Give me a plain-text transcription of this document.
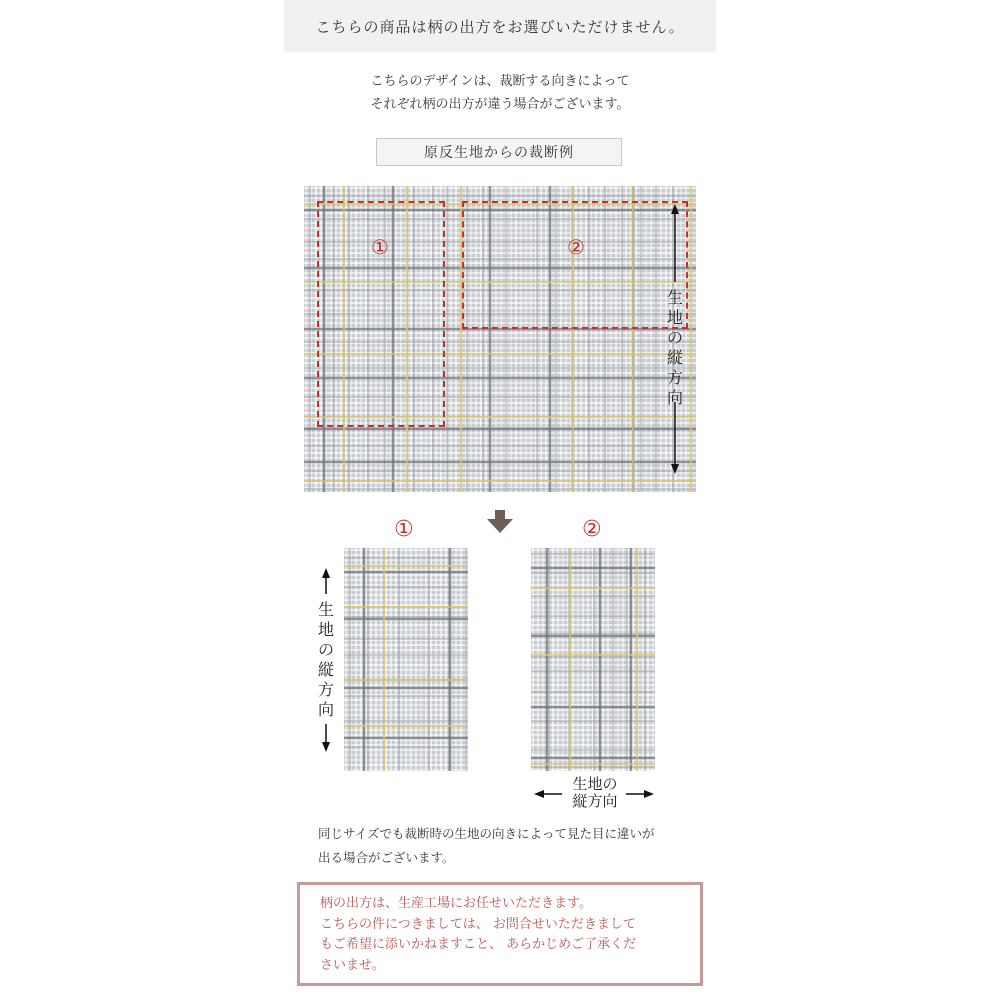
こちらの商品は柄の出方をお選びいただけません。
こちらのデザインは、裁断する向きによって
それぞれ柄の出方が違う場合がございます。
原反生地からの裁断例
①	②
生
地
の
縦
方
向
①
生
地
の
縦
方
向
②
生地の
縦方向
同じサイズでも裁断時の生地の向きによって見た目に違いが
出る場合がございます。
柄の出方は、生産工場にお任せいただきます。
こちらの件につきましては、 お問合せいただきまして
もご希望に添いかねますこと、 あらかじめご了承くだ
さいませ。
